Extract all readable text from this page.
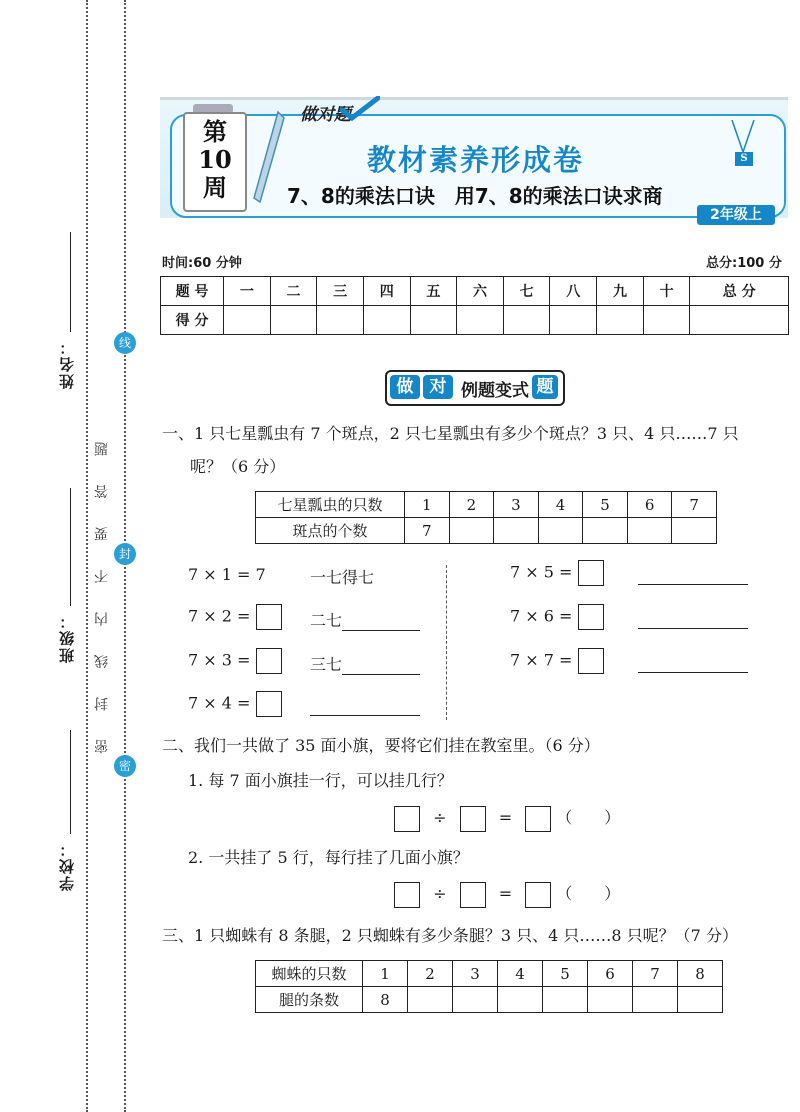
姓名：
班级：
学校：
线
封
密
密 封 线 内 不 要 答 题
第
10
周
做对题
教材素养形成卷
7、8的乘法口诀　用7、8的乘法口诀求商
S
2年级上
时间:60 分钟	总分:100 分
题 号	一	二	三	四	五	六	七	八	九	十	总 分
得 分											
做 对 例题变式 题
一、1 只七星瓢虫有 7 个斑点，2 只七星瓢虫有多少个斑点？3 只、4 只……7 只
呢？（6 分）
七星瓢虫的只数	1	2	3	4	5	6	7
斑点的个数	7						
7 × 1 = 7	一七得七
7 × 2 =	二七
7 × 3 =	三七
7 × 4 =
7 × 5 =
7 × 6 =
7 × 7 =
二、我们一共做了 35 面小旗，要将它们挂在教室里。（6 分）
1. 每 7 面小旗挂一行，可以挂几行？
÷	=	（　　）
2. 一共挂了 5 行，每行挂了几面小旗？
÷	=	（　　）
三、1 只蜘蛛有 8 条腿，2 只蜘蛛有多少条腿？3 只、4 只……8 只呢？（7 分）
蜘蛛的只数	1	2	3	4	5	6	7	8
腿的条数	8							
